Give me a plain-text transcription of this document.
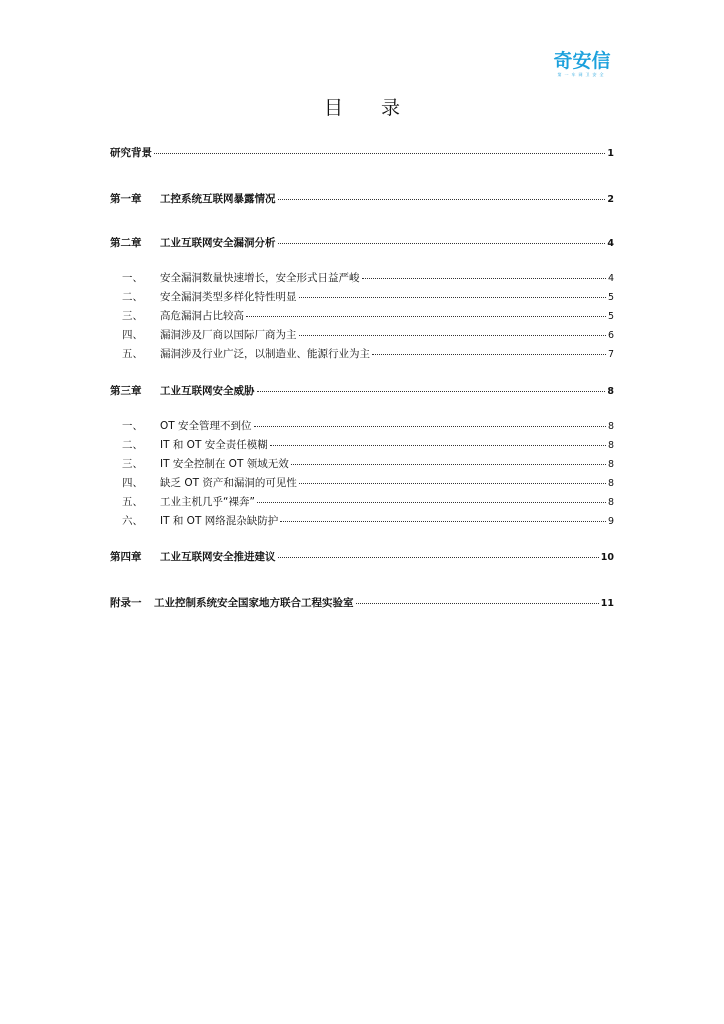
奇安信
第一车网卫安全
目 录
研究背景	1
第一章	工控系统互联网暴露情况	2
第二章	工业互联网安全漏洞分析	4
一、	安全漏洞数量快速增长，安全形式日益严峻	4
二、	安全漏洞类型多样化特性明显	5
三、	高危漏洞占比较高	5
四、	漏洞涉及厂商以国际厂商为主	6
五、	漏洞涉及行业广泛，以制造业、能源行业为主	7
第三章	工业互联网安全威胁	8
一、	OT 安全管理不到位	8
二、	IT 和 OT 安全责任模糊	8
三、	IT 安全控制在 OT 领域无效	8
四、	缺乏 OT 资产和漏洞的可见性	8
五、	工业主机几乎“裸奔”	8
六、	IT 和 OT 网络混杂缺防护	9
第四章	工业互联网安全推进建议	10
附录一	工业控制系统安全国家地方联合工程实验室	11
